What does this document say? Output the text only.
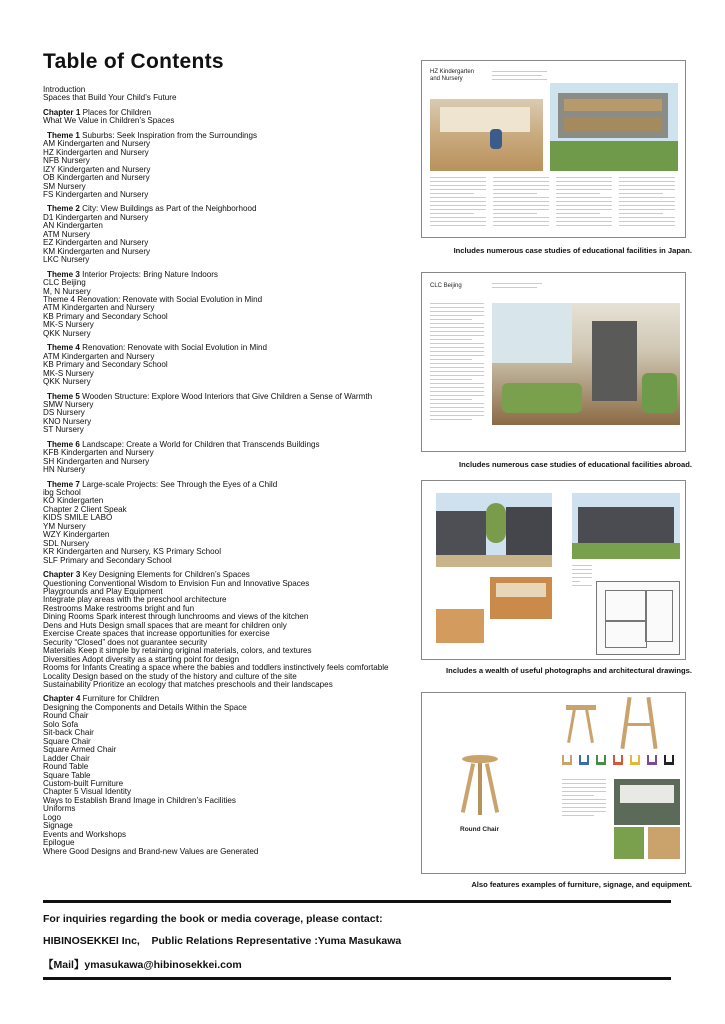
Table of Contents
Introduction
Spaces that Build Your Child’s Future
Chapter 1 Places for Children
What We Value in Children’s Spaces
Theme 1 Suburbs: Seek Inspiration from the Surroundings
AM Kindergarten and Nursery
HZ Kindergarten and Nursery
NFB Nursery
IZY Kindergarten and Nursery
OB Kindergarten and Nursery
SM Nursery
FS Kindergarten and Nursery
Theme 2 City: View Buildings as Part of the Neighborhood
D1 Kindergarten and Nursery
AN Kindergarten
ATM Nursery
EZ Kindergarten and Nursery
KM Kindergarten and Nursery
LKC Nursery
Theme 3 Interior Projects: Bring Nature Indoors
CLC Beijing
M, N Nursery
Theme 4 Renovation: Renovate with Social Evolution in Mind
ATM Kindergarten and Nursery
KB Primary and Secondary School
MK-S Nursery
QKK Nursery
Theme 4 Renovation: Renovate with Social Evolution in Mind
ATM Kindergarten and Nursery
KB Primary and Secondary School
MK-S Nursery
QKK Nursery
Theme 5 Wooden Structure: Explore Wood Interiors that Give Children a Sense of Warmth
SMW Nursery
DS Nursery
KNO Nursery
ST Nursery
Theme 6 Landscape: Create a World for Children that Transcends Buildings
KFB Kindergarten and Nursery
SH Kindergarten and Nursery
HN Nursery
Theme 7 Large-scale Projects: See Through the Eyes of a Child
ibg School
KO Kindergarten
Chapter 2 Client Speak
KIDS SMILE LABO
YM Nursery
WZY Kindergarten
SDL Nursery
KR Kindergarten and Nursery, KS Primary School
SLF Primary and Secondary School
Chapter 3 Key Designing Elements for Children’s Spaces
Questioning Conventional Wisdom to Envision Fun and Innovative Spaces
Playgrounds and Play Equipment
Integrate play areas with the preschool architecture
Restrooms Make restrooms bright and fun
Dining Rooms Spark interest through lunchrooms and views of the kitchen
Dens and Huts Design small spaces that are meant for children only
Exercise Create spaces that increase opportunities for exercise
Security “Closed” does not guarantee security
Materials Keep it simple by retaining original materials, colors, and textures
Diversities Adopt diversity as a starting point for design
Rooms for Infants Creating a space where the babies and toddlers instinctively feels comfortable
Locality Design based on the study of the history and culture of the site
Sustainability Prioritize an ecology that matches preschools and their landscapes
Chapter 4 Furniture for Children
Designing the Components and Details Within the Space
Round Chair
Solo Sofa
Sit-back Chair
Square Chair
Square Armed Chair
Ladder Chair
Round Table
Square Table
Custom-built Furniture
Chapter 5 Visual Identity
Ways to Establish Brand Image in Children’s Facilities
Uniforms
Logo
Signage
Events and Workshops
Epilogue
Where Good Designs and Brand-new Values are Generated
HZ Kindergarten and Nursery
Includes numerous case studies of educational facilities in Japan.
CLC Beijing
Includes numerous case studies of educational facilities abroad.
Includes a wealth of useful photographs and architectural drawings.
Round Chair
Also features examples of furniture, signage, and equipment.
For inquiries regarding the book or media coverage, please contact:
HIBINOSEKKEI Inc,    Public Relations Representative :Yuma Masukawa
【Mail】ymasukawa@hibinosekkei.com
